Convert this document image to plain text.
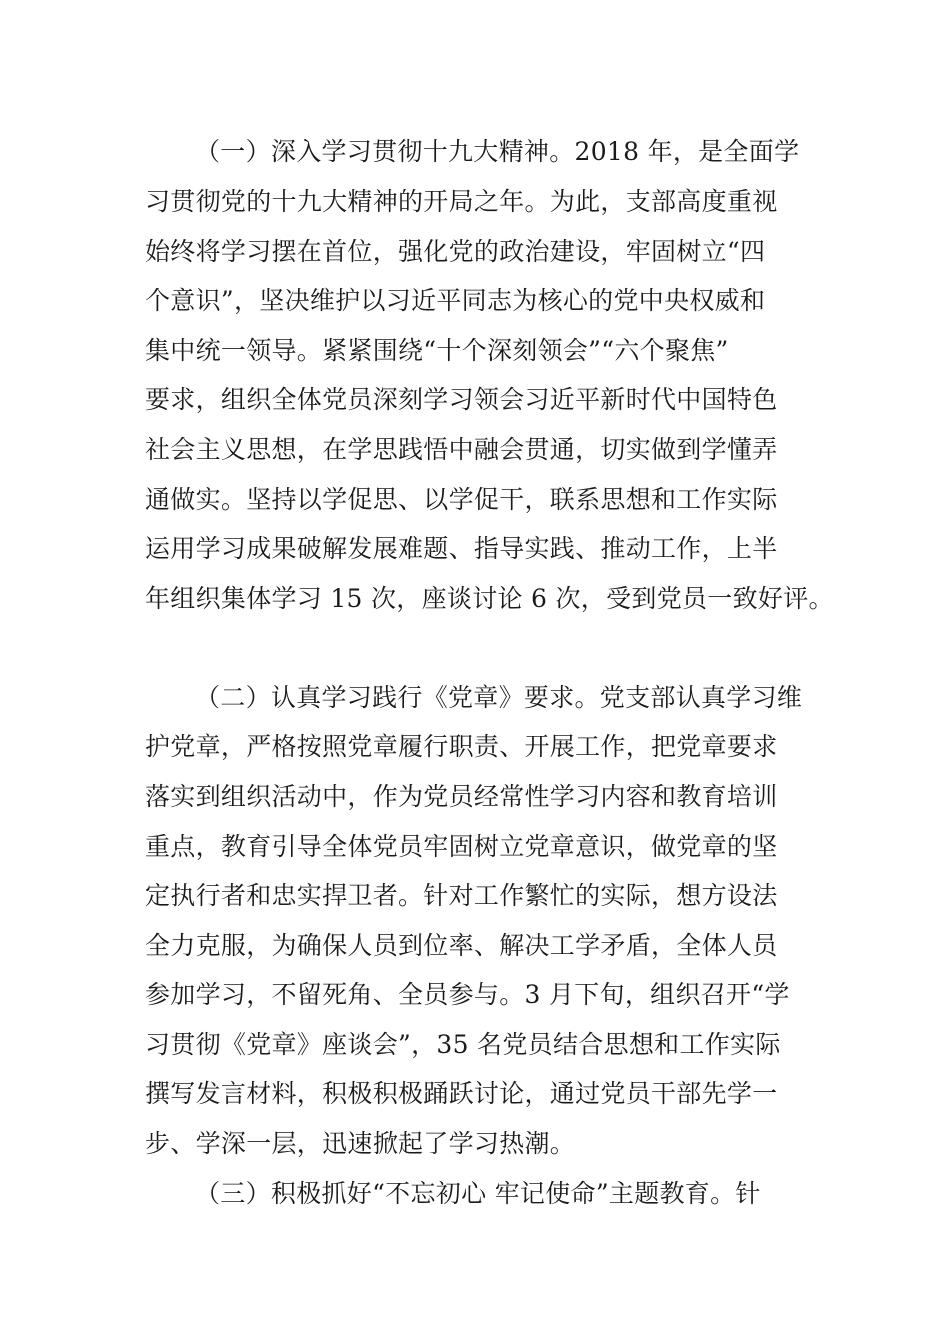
（一）深入学习贯彻十九大精神。2018 年，是全面学
习贯彻党的十九大精神的开局之年。为此，支部高度重视
始终将学习摆在首位，强化党的政治建设，牢固树立“四
个意识”，坚决维护以习近平同志为核心的党中央权威和
集中统一领导。紧紧围绕“十个深刻领会”“六个聚焦”
要求，组织全体党员深刻学习领会习近平新时代中国特色
社会主义思想，在学思践悟中融会贯通，切实做到学懂弄
通做实。坚持以学促思、以学促干，联系思想和工作实际
运用学习成果破解发展难题、指导实践、推动工作，上半
年组织集体学习 15 次，座谈讨论 6 次，受到党员一致好评。
（二）认真学习践行《党章》要求。党支部认真学习维
护党章，严格按照党章履行职责、开展工作，把党章要求
落实到组织活动中，作为党员经常性学习内容和教育培训
重点，教育引导全体党员牢固树立党章意识，做党章的坚
定执行者和忠实捍卫者。针对工作繁忙的实际，想方设法
全力克服，为确保人员到位率、解决工学矛盾，全体人员
参加学习，不留死角、全员参与。3 月下旬，组织召开“学
习贯彻《党章》座谈会”，35 名党员结合思想和工作实际
撰写发言材料，积极积极踊跃讨论，通过党员干部先学一
步、学深一层，迅速掀起了学习热潮。
（三）积极抓好“不忘初心 牢记使命”主题教育。针
